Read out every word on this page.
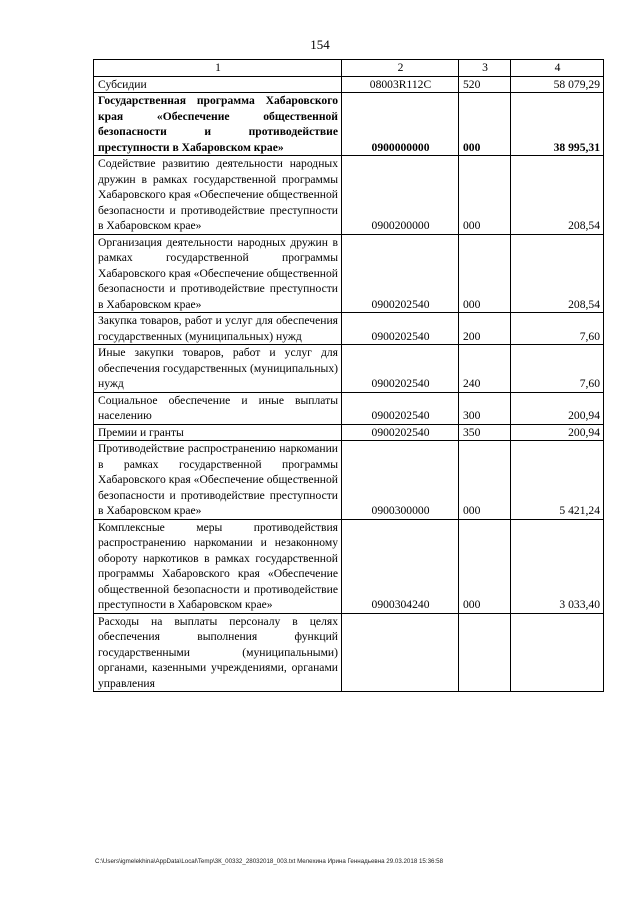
154
1	2	3	4
Субсидии	08003R112С	520	58 079,29
Государственная программа Хабаровского края «Обеспечение общественной безопасности и противодействие преступности в Хабаровском крае»	0900000000	000	38 995,31
Содействие развитию деятельности народных дружин в рамках государственной программы Хабаровского края «Обеспечение общественной безопасности и противодействие преступности в Хабаровском крае»	0900200000	000	208,54
Организация деятельности народных дружин в рамках государственной программы Хабаровского края «Обеспечение общественной безопасности и противодействие преступности в Хабаровском крае»	0900202540	000	208,54
Закупка товаров, работ и услуг для обеспечения государственных (муниципальных) нужд	0900202540	200	7,60
Иные закупки товаров, работ и услуг для обеспечения государственных (муниципальных) нужд	0900202540	240	7,60
Социальное обеспечение и иные выплаты населению	0900202540	300	200,94
Премии и гранты	0900202540	350	200,94
Противодействие распространению наркомании в рамках государственной программы Хабаровского края «Обеспечение общественной безопасности и противодействие преступности в Хабаровском крае»	0900300000	000	5 421,24
Комплексные меры противодействия распространению наркомании и незаконному обороту наркотиков в рамках государственной программы Хабаровского края «Обеспечение общественной безопасности и противодействие преступности в Хабаровском крае»	0900304240	000	3 033,40
Расходы на выплаты персоналу в целях обеспечения выполнения функций государственными (муниципальными) органами, казенными учреждениями, органами управления			
C:\Users\igmelekhina\AppData\Local\Temp\3К_00332_28032018_003.txt Мелехина Ирина Геннадьевна 29.03.2018 15:36:58
